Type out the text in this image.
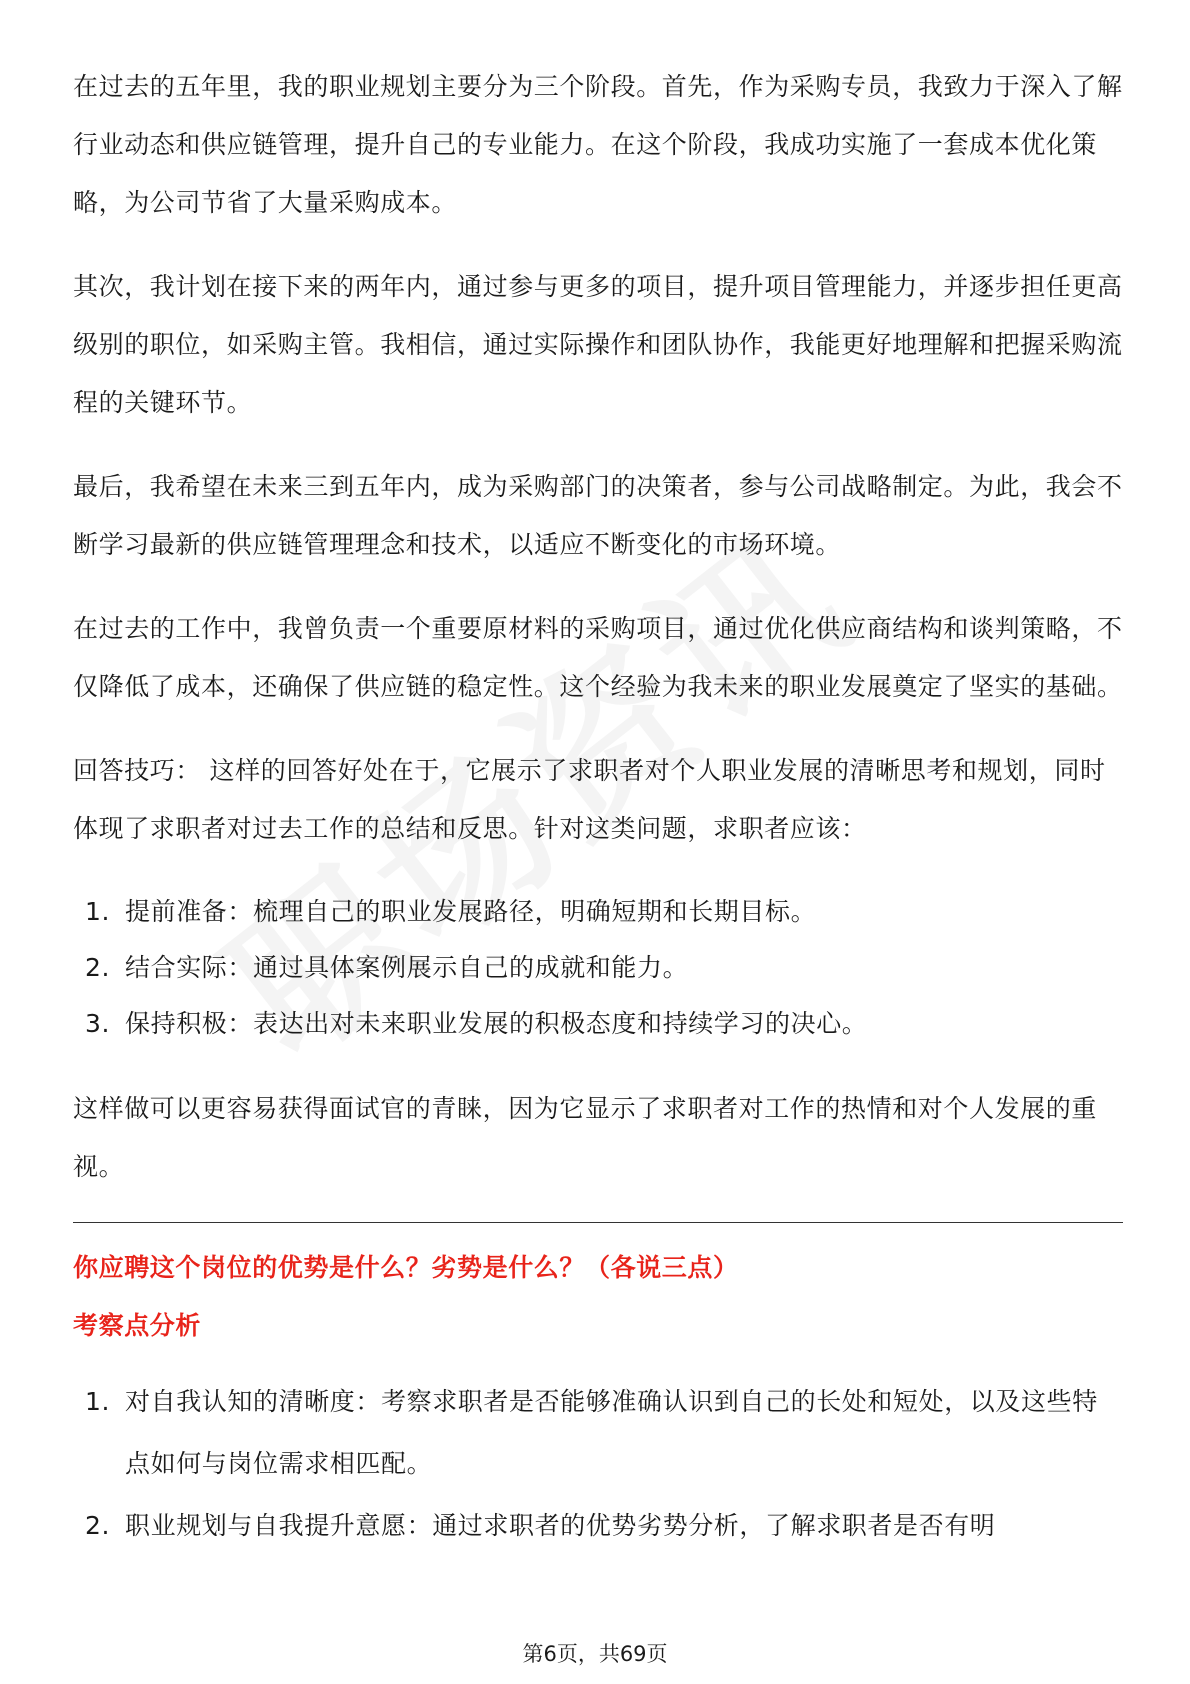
在过去的五年里，我的职业规划主要分为三个阶段。首先，作为采购专员，我致力于深入了解行业动态和供应链管理，提升自己的专业能力。在这个阶段，我成功实施了一套成本优化策略，为公司节省了大量采购成本。

其次，我计划在接下来的两年内，通过参与更多的项目，提升项目管理能力，并逐步担任更高级别的职位，如采购主管。我相信，通过实际操作和团队协作，我能更好地理解和把握采购流程的关键环节。

最后，我希望在未来三到五年内，成为采购部门的决策者，参与公司战略制定。为此，我会不断学习最新的供应链管理理念和技术，以适应不断变化的市场环境。

在过去的工作中，我曾负责一个重要原材料的采购项目，通过优化供应商结构和谈判策略，不仅降低了成本，还确保了供应链的稳定性。这个经验为我未来的职业发展奠定了坚实的基础。

回答技巧： 这样的回答好处在于，它展示了求职者对个人职业发展的清晰思考和规划，同时体现了求职者对过去工作的总结和反思。针对这类问题，求职者应该：

1. 提前准备：梳理自己的职业发展路径，明确短期和长期目标。
2. 结合实际：通过具体案例展示自己的成就和能力。
3. 保持积极：表达出对未来职业发展的积极态度和持续学习的决心。

这样做可以更容易获得面试官的青睐，因为它显示了求职者对工作的热情和对个人发展的重视。

你应聘这个岗位的优势是什么？劣势是什么？（各说三点）
考察点分析
1. 对自我认知的清晰度：考察求职者是否能够准确认识到自己的长处和短处，以及这些特点如何与岗位需求相匹配。
2. 职业规划与自我提升意愿：通过求职者的优势劣势分析，了解求职者是否有明
第6页，共69页
